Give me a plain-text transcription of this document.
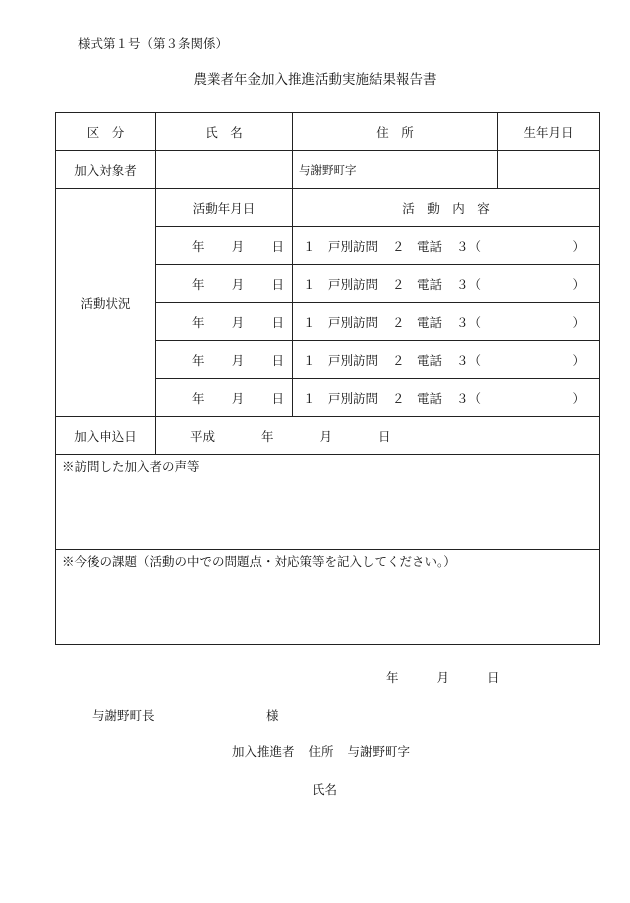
様式第１号（第３条関係）
農業者年金加入推進活動実施結果報告書
区　分	氏　名	住　所	生年月日
加入対象者		与謝野町字	
活動状況	活動年月日	活　動　内　容	

	年 月 日	１　戸別訪問 ２　電話 ３（ ）	

	年 月 日	１　戸別訪問 ２　電話 ３（ ）	

	年 月 日	１　戸別訪問 ２　電話 ３（ ）	

	年 月 日	１　戸別訪問 ２　電話 ３（ ）	

	年 月 日	１　戸別訪問 ２　電話 ３（ ）	

加入申込日	平成 年 月 日		

※訪問した加入者の声等			
※今後の課題（活動の中での問題点・対応策等を記入してください。）			
年	月	日
与謝野町長	様
加入推進者 住所 与謝野町字
氏名
